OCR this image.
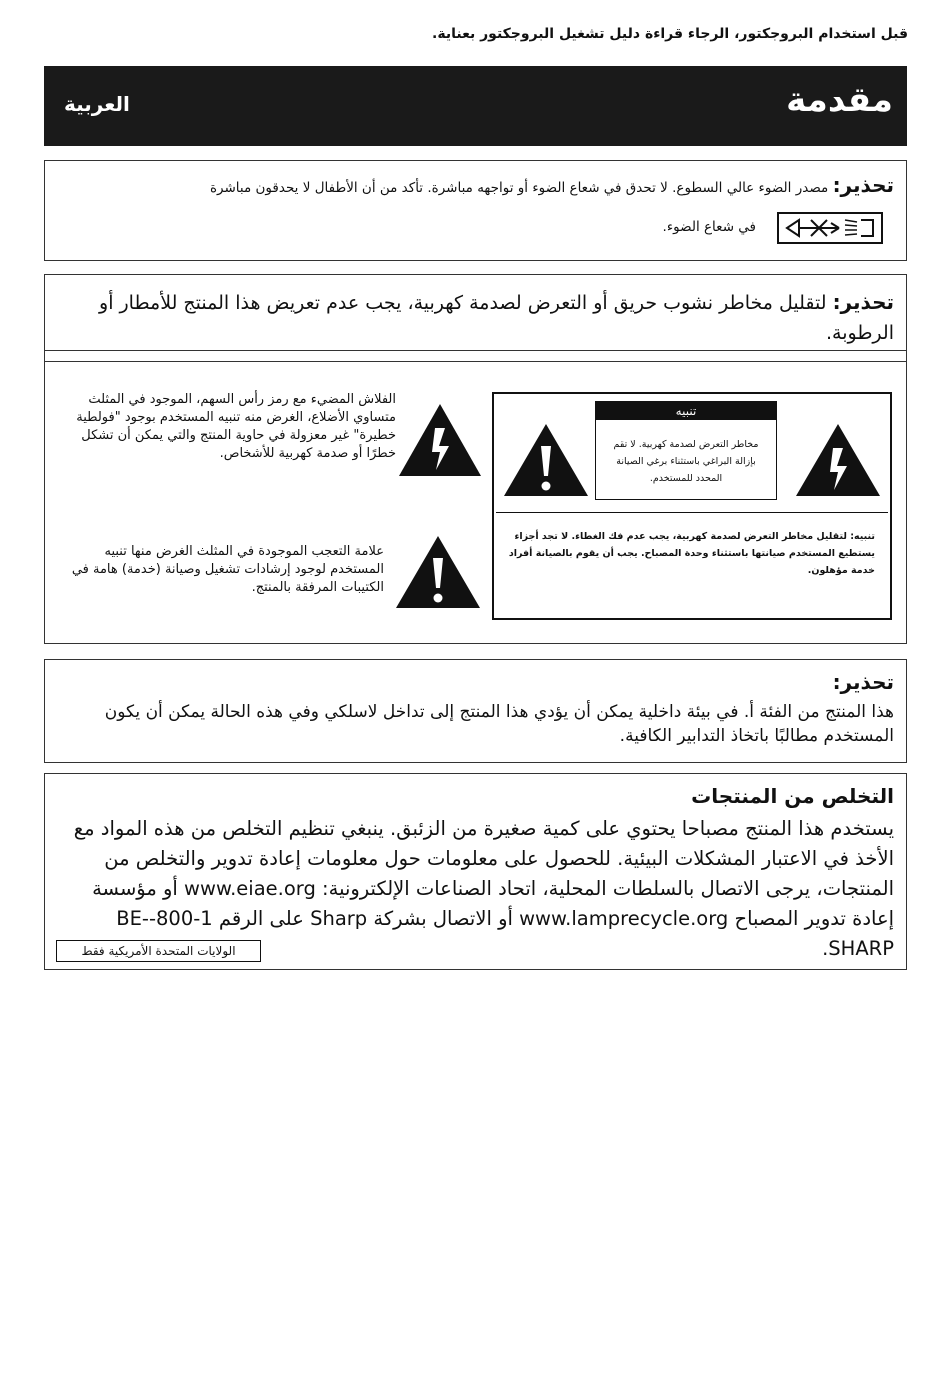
قبل استخدام البروجكتور، الرجاء قراءة دليل تشغيل البروجكتور بعناية.
مقدمة
العربية
تحذير: مصدر الضوء عالي السطوع. لا تحدق في شعاع الضوء أو تواجهه مباشرة. تأكد من أن الأطفال لا يحدقون مباشرة
في شعاع الضوء.
تحذير: لتقليل مخاطر نشوب حريق أو التعرض لصدمة كهربية، يجب عدم تعريض هذا المنتج للأمطار أو الرطوبة.
تنبيه
مخاطر التعرض لصدمة كهربية. لا تقم بإزالة البراغي باستثناء برغي الصيانة المحدد للمستخدم.
تنبيه: لتقليل مخاطر التعرض لصدمة كهربية، يجب عدم فك الغطاء. لا تجد أجزاء يستطيع المستخدم صيانتها باستثناء وحدة المصباح. يجب أن يقوم بالصيانة أفراد خدمة مؤهلون.
الفلاش المضيء مع رمز رأس السهم، الموجود في المثلث متساوي الأضلاع، الغرض منه تنبيه المستخدم بوجود "فولطية خطيرة" غير معزولة في حاوية المنتج والتي يمكن أن تشكل خطرًا أو صدمة كهربية للأشخاص.
علامة التعجب الموجودة في المثلث الغرض منها تنبيه المستخدم لوجود إرشادات تشغيل وصيانة (خدمة) هامة في الكتيبات المرفقة بالمنتج.
تحذير:
هذا المنتج من الفئة أ. في بيئة داخلية يمكن أن يؤدي هذا المنتج إلى تداخل لاسلكي وفي هذه الحالة يمكن أن يكون المستخدم مطالبًا باتخاذ التدابير الكافية.
التخلص من المنتجات
يستخدم هذا المنتج مصباحا يحتوي على كمية صغيرة من الزئبق. ينبغي تنظيم التخلص من هذه المواد مع الأخذ في الاعتبار المشكلات البيئية. للحصول على معلومات حول معلومات إعادة تدوير والتخلص من المنتجات، يرجى الاتصال بالسلطات المحلية، اتحاد الصناعات الإلكترونية: www.eiae.org أو مؤسسة إعادة تدوير المصباح www.lamprecycle.org أو الاتصال بشركة Sharp على الرقم 1-800-BE-SHARP.
الولايات المتحدة الأمريكية فقط
